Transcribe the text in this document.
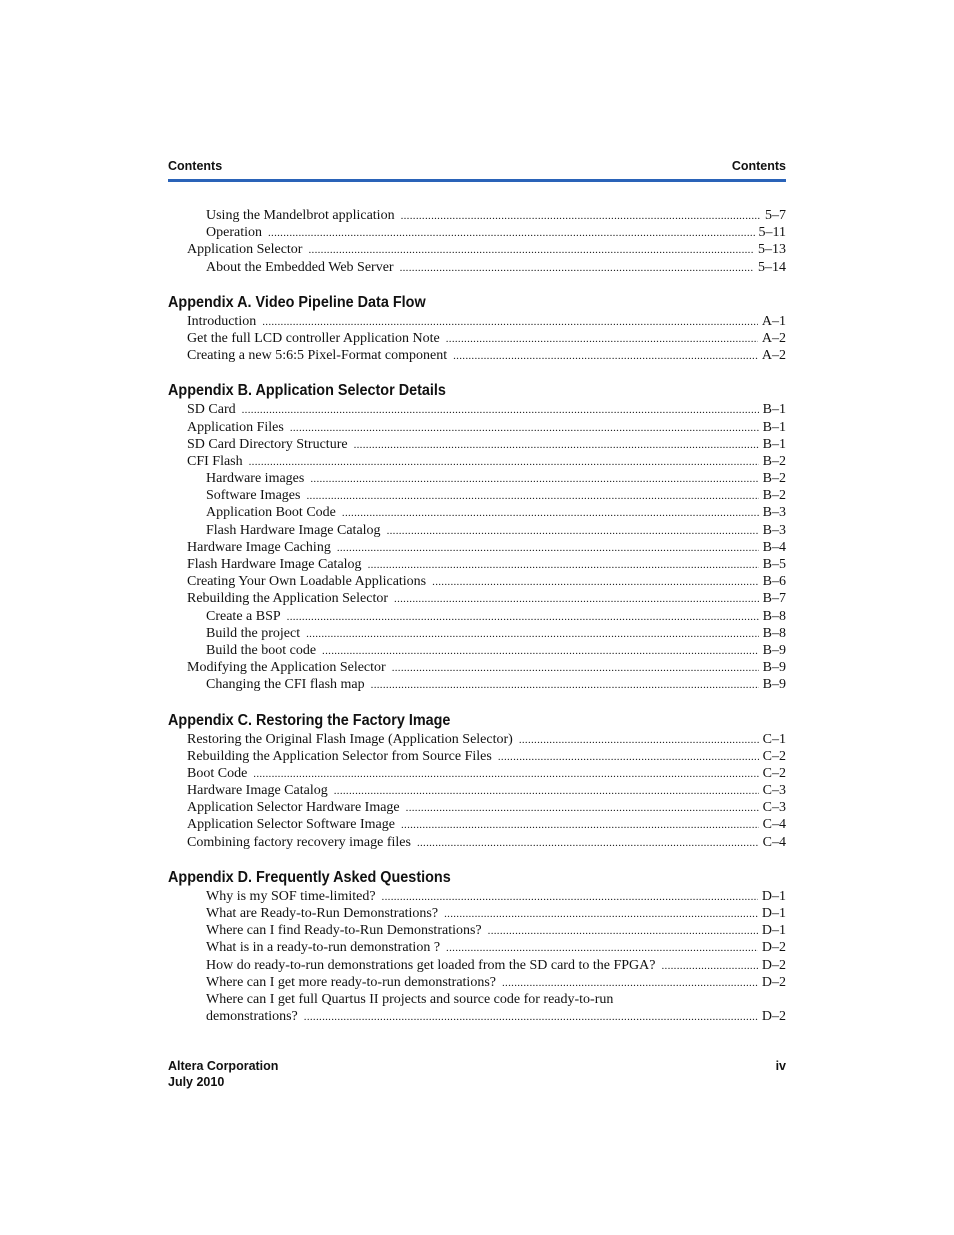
Contents	Contents
Using the Mandelbrot application .....	5–7
Operation .....	5–11
Application Selector .....	5–13
About the Embedded Web Server .....	5–14
Appendix A. Video Pipeline Data Flow
Introduction .....	A–1
Get the full LCD controller Application Note .....	A–2
Creating a new 5:6:5 Pixel-Format component .....	A–2
Appendix B. Application Selector Details
SD Card .....	B–1
Application Files .....	B–1
SD Card Directory Structure .....	B–1
CFI Flash .....	B–2
Hardware images .....	B–2
Software Images .....	B–2
Application Boot Code .....	B–3
Flash Hardware Image Catalog .....	B–3
Hardware Image Caching .....	B–4
Flash Hardware Image Catalog .....	B–5
Creating Your Own Loadable Applications .....	B–6
Rebuilding the Application Selector .....	B–7
Create a BSP .....	B–8
Build the project .....	B–8
Build the boot code .....	B–9
Modifying the Application Selector .....	B–9
Changing the CFI flash map .....	B–9
Appendix C. Restoring the Factory Image
Restoring the Original Flash Image (Application Selector) .....	C–1
Rebuilding the Application Selector from Source Files .....	C–2
Boot Code .....	C–2
Hardware Image Catalog .....	C–3
Application Selector Hardware Image .....	C–3
Application Selector Software Image .....	C–4
Combining factory recovery image files .....	C–4
Appendix D. Frequently Asked Questions
Why is my SOF time-limited? .....	D–1
What are Ready-to-Run Demonstrations? .....	D–1
Where can I find Ready-to-Run Demonstrations? .....	D–1
What is in a ready-to-run demonstration ? .....	D–2
How do ready-to-run demonstrations get loaded from the SD card to the FPGA? .....	D–2
Where can I get more ready-to-run demonstrations? .....	D–2
Where can I get full Quartus II projects and source code for ready-to-run
demonstrations? .....	D–2
Altera Corporation
July 2010
iv
